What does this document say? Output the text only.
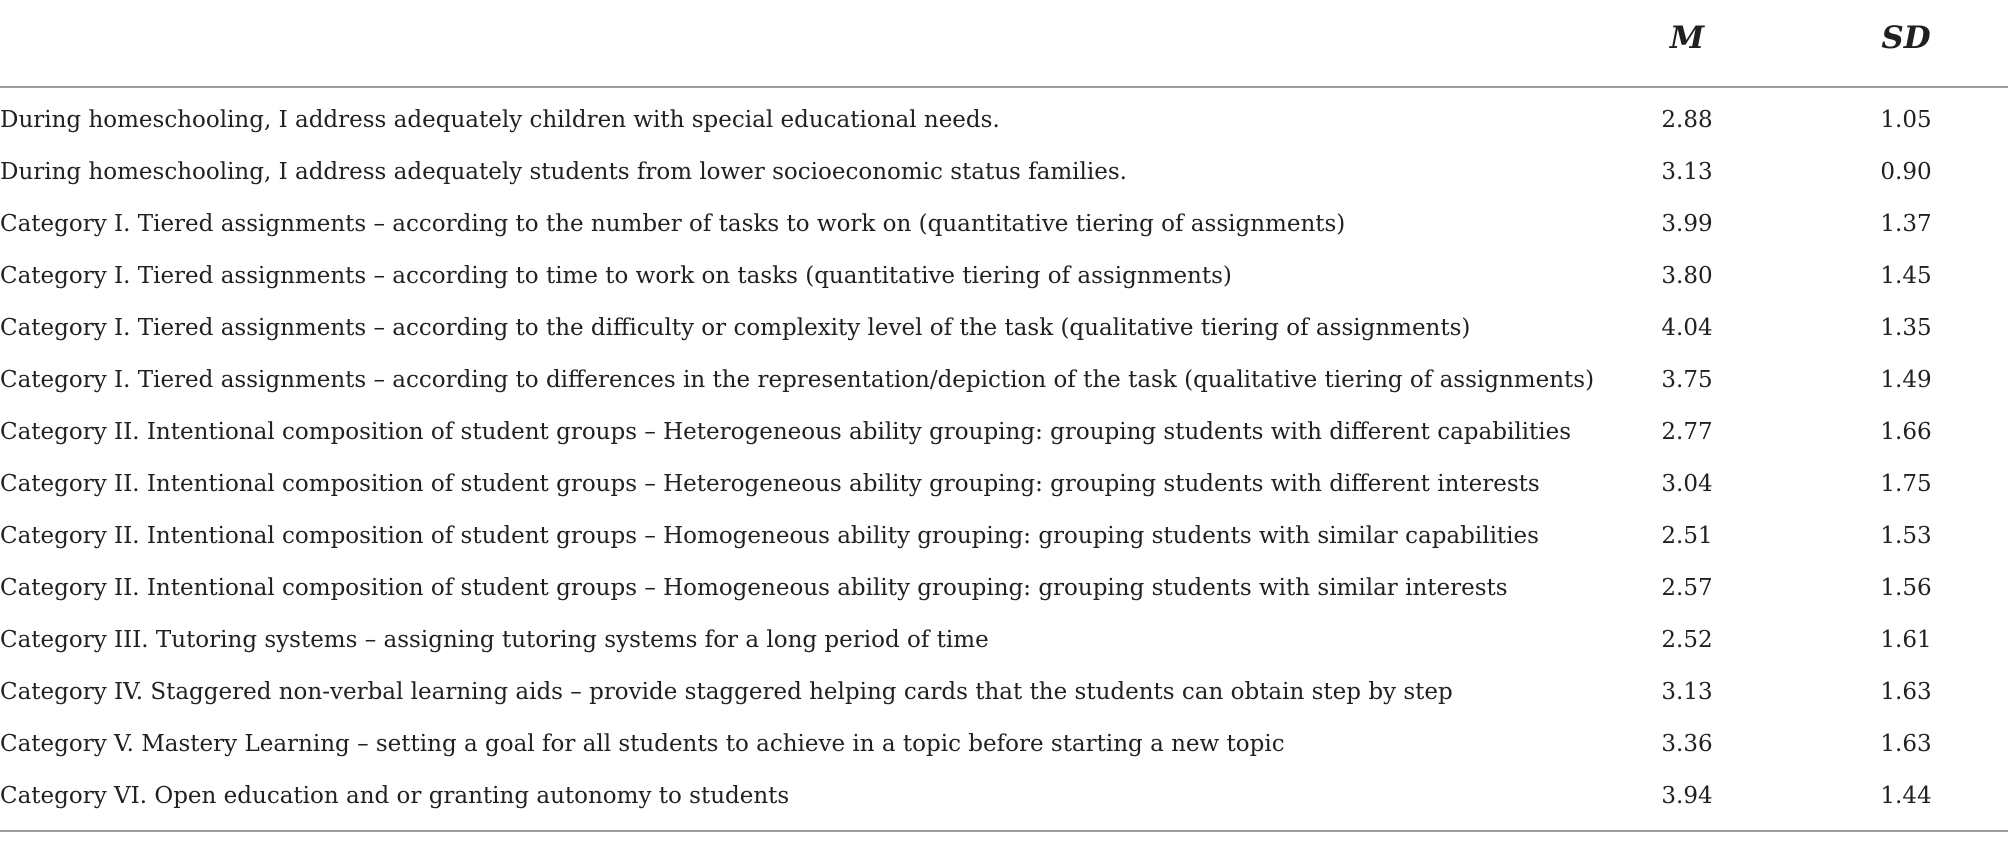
	M	SD
During homeschooling, I address adequately children with special educational needs.	2.88	1.05
During homeschooling, I address adequately students from lower socioeconomic status families.	3.13	0.90
Category I. Tiered assignments – according to the number of tasks to work on (quantitative tiering of assignments)	3.99	1.37
Category I. Tiered assignments – according to time to work on tasks (quantitative tiering of assignments)	3.80	1.45
Category I. Tiered assignments – according to the difficulty or complexity level of the task (qualitative tiering of assignments)	4.04	1.35
Category I. Tiered assignments – according to differences in the representation/depiction of the task (qualitative tiering of assignments)	3.75	1.49
Category II. Intentional composition of student groups – Heterogeneous ability grouping: grouping students with different capabilities	2.77	1.66
Category II. Intentional composition of student groups – Heterogeneous ability grouping: grouping students with different interests	3.04	1.75
Category II. Intentional composition of student groups – Homogeneous ability grouping: grouping students with similar capabilities	2.51	1.53
Category II. Intentional composition of student groups – Homogeneous ability grouping: grouping students with similar interests	2.57	1.56
Category III. Tutoring systems – assigning tutoring systems for a long period of time	2.52	1.61
Category IV. Staggered non-verbal learning aids – provide staggered helping cards that the students can obtain step by step	3.13	1.63
Category V. Mastery Learning – setting a goal for all students to achieve in a topic before starting a new topic	3.36	1.63
Category VI. Open education and or granting autonomy to students	3.94	1.44
